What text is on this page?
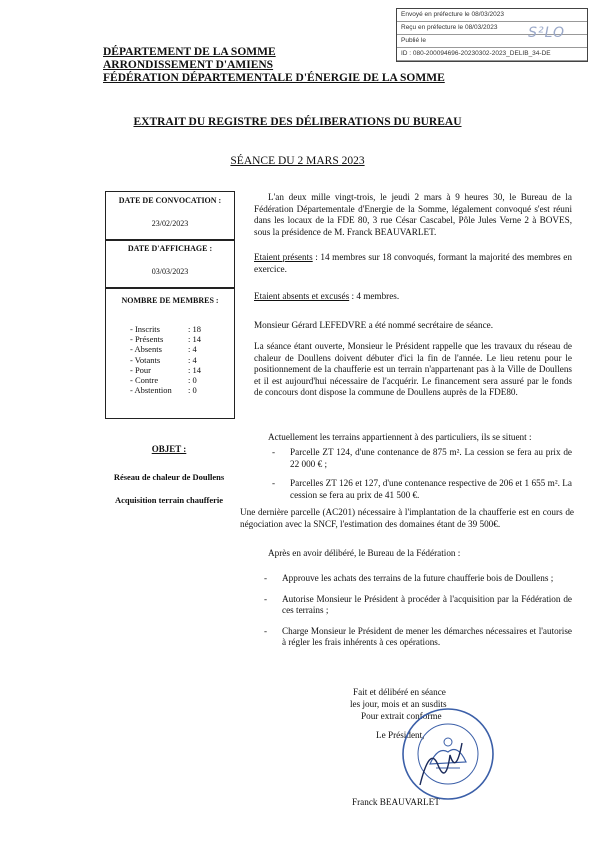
Envoyé en préfecture le 08/03/2023
Reçu en préfecture le 08/03/2023
Publié le
ID : 080-200094696-20230302-2023_DELIB_34-DE
S²LO
DÉPARTEMENT DE LA SOMME
ARRONDISSEMENT D'AMIENS
FÉDÉRATION DÉPARTEMENTALE D'ÉNERGIE DE LA SOMME
EXTRAIT DU REGISTRE DES DÉLIBERATIONS DU BUREAU
SÉANCE DU 2 MARS 2023
DATE DE CONVOCATION :
23/02/2023
DATE D'AFFICHAGE :
03/03/2023
NOMBRE DE MEMBRES :
- Inscrits	: 18
- Présents	: 14
- Absents	: 4
- Votants	: 4
- Pour	: 14
- Contre	: 0
- Abstention	: 0
OBJET :
Réseau de chaleur de Doullens
Acquisition terrain chaufferie

L'an deux mille vingt-trois, le jeudi 2 mars à 9 heures 30, le Bureau de la Fédération Départementale d'Energie de la Somme, légalement convoqué s'est réuni dans les locaux de la FDE 80, 3 rue César Cascabel, Pôle Jules Verne 2 à BOVES, sous la présidence de M. Franck BEAUVARLET.

Etaient présents : 14 membres sur 18 convoqués, formant la majorité des membres en exercice.

Etaient absents et excusés : 4 membres.

Monsieur Gérard LEFEDVRE a été nommé secrétaire de séance.

La séance étant ouverte, Monsieur le Président rappelle que les travaux du réseau de chaleur de Doullens doivent débuter d'ici la fin de l'année. Le lieu retenu pour le positionnement de la chaufferie est un terrain n'appartenant pas à la Ville de Doullens et il est aujourd'hui nécessaire de l'acquérir. Le financement sera assuré par le fonds de concours dont dispose la commune de Doullens auprès de la FDE80.

Actuellement les terrains appartiennent à des particuliers, ils se situent :

-	Parcelle ZT 124, d'une contenance de 875 m². La cession se fera au prix de 22 000 € ;
-	Parcelles ZT 126 et 127, d'une contenance respective de 206 et 1 655 m². La cession se fera au prix de 41 500 €.

Une dernière parcelle (AC201) nécessaire à l'implantation de la chaufferie est en cours de négociation avec la SNCF, l'estimation des domaines étant de 39 500€.

Après en avoir délibéré, le Bureau de la Fédération :

-	Approuve les achats des terrains de la future chaufferie bois de Doullens ;
-	Autorise Monsieur le Président à procéder à l'acquisition par la Fédération de ces terrains ;
-	Charge Monsieur le Président de mener les démarches nécessaires et l'autorise à régler les frais inhérents à ces opérations.
Fait et délibéré en séance
les jour, mois et an susdits
Pour extrait conforme
Le Président,
Franck BEAUVARLET
